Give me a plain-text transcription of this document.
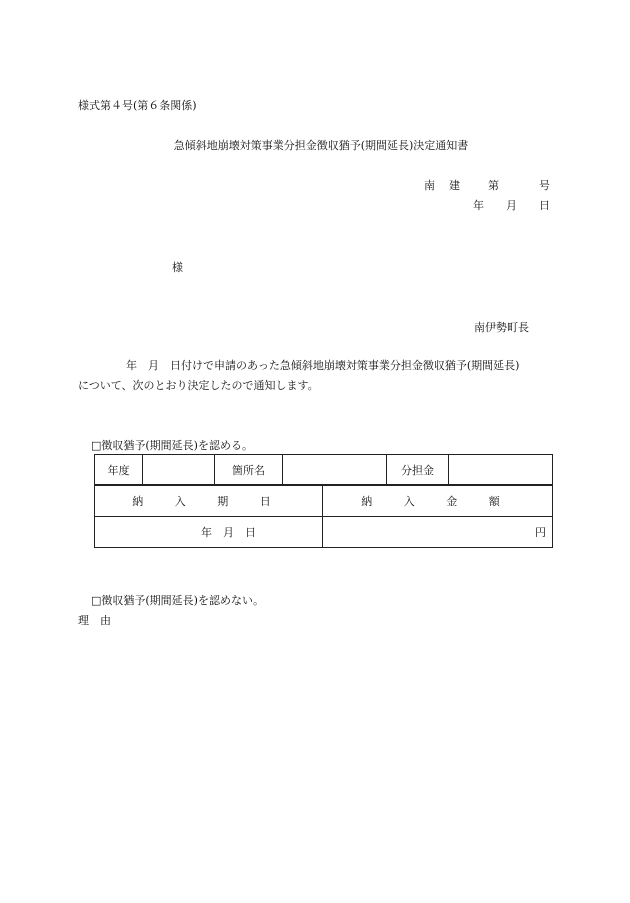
様式第４号(第６条関係)
急傾斜地崩壊対策事業分担金徴収猶予(期間延長)決定通知書
南 建	第	号
年 月 日
様
南伊勢町長
年　月　日付けで申請のあった急傾斜地崩壊対策事業分担金徴収猶予(期間延長)
について、次のとおり決定したので通知します。
□徴収猶予(期間延長)を認める。
年度		箇所名		分担金	
納 入 期 日	納 入 金 額
年　月　日	円
□徴収猶予(期間延長)を認めない。
理　由
